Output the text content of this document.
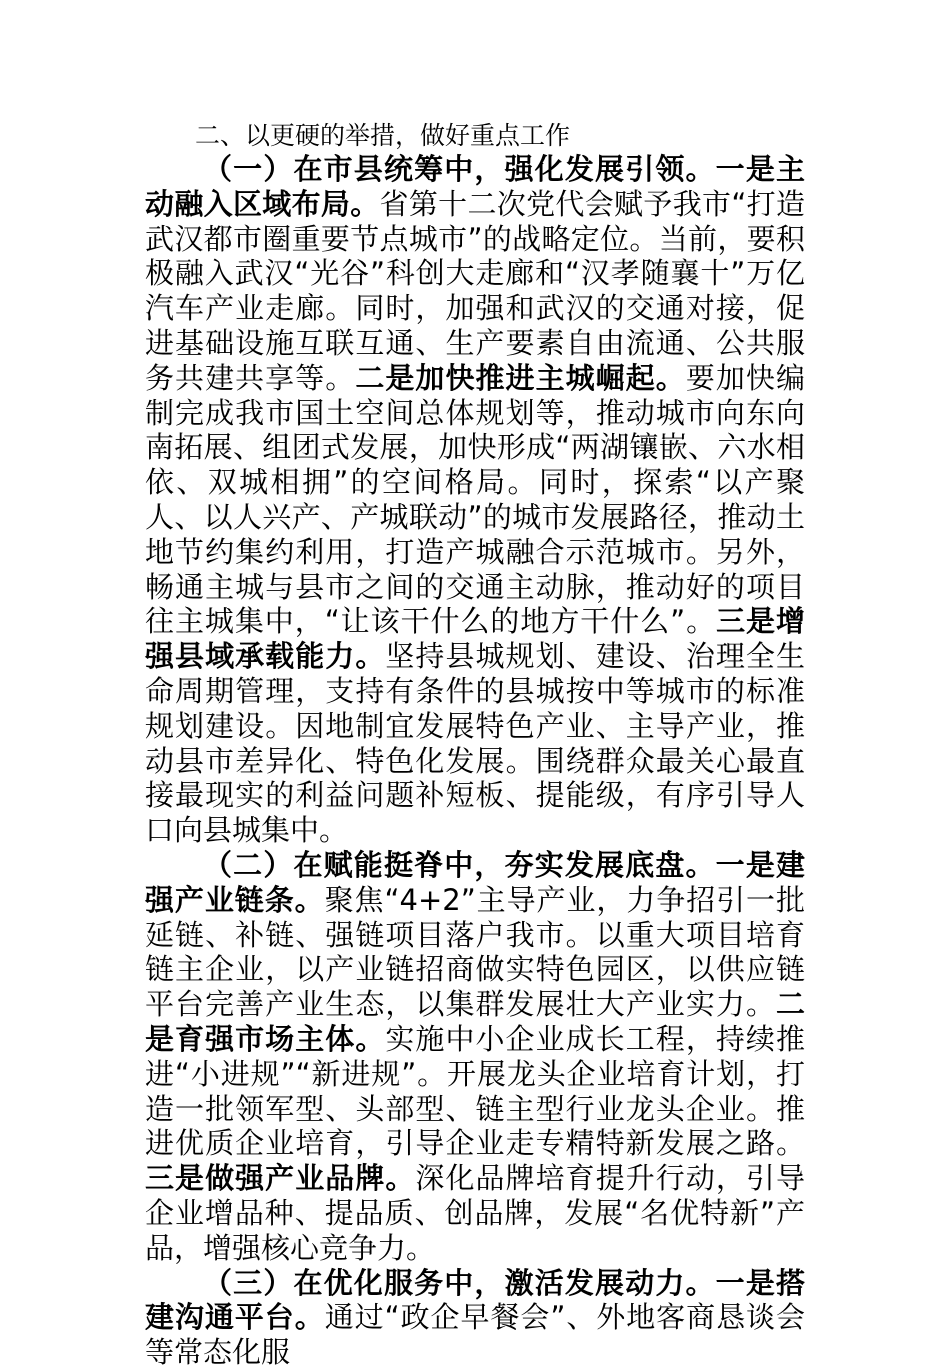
二、以更硬的举措，做好重点工作

（一）在市县统筹中，强化发展引领。一是主动融入区域布局。省第十二次党代会赋予我市“打造武汉都市圈重要节点城市”的战略定位。当前，要积极融入武汉“光谷”科创大走廊和“汉孝随襄十”万亿汽车产业走廊。同时，加强和武汉的交通对接，促进基础设施互联互通、生产要素自由流通、公共服务共建共享等。二是加快推进主城崛起。要加快编制完成我市国土空间总体规划等，推动城市向东向南拓展、组团式发展，加快形成“两湖镶嵌、六水相依、双城相拥”的空间格局。同时，探索“以产聚人、以人兴产、产城联动”的城市发展路径，推动土地节约集约利用，打造产城融合示范城市。另外，畅通主城与县市之间的交通主动脉，推动好的项目往主城集中，“让该干什么的地方干什么”。三是增强县域承载能力。坚持县城规划、建设、治理全生命周期管理，支持有条件的县城按中等城市的标准规划建设。因地制宜发展特色产业、主导产业，推动县市差异化、特色化发展。围绕群众最关心最直接最现实的利益问题补短板、提能级，有序引导人口向县城集中。

（二）在赋能挺脊中，夯实发展底盘。一是建强产业链条。聚焦“4+2”主导产业，力争招引一批延链、补链、强链项目落户我市。以重大项目培育链主企业，以产业链招商做实特色园区，以供应链平台完善产业生态，以集群发展壮大产业实力。二是育强市场主体。实施中小企业成长工程，持续推进“小进规”“新进规”。开展龙头企业培育计划，打造一批领军型、头部型、链主型行业龙头企业。推进优质企业培育，引导企业走专精特新发展之路。三是做强产业品牌。深化品牌培育提升行动，引导企业增品种、提品质、创品牌，发展“名优特新”产品，增强核心竞争力。

（三）在优化服务中，激活发展动力。一是搭建沟通平台。通过“政企早餐会”、外地客商恳谈会等常态化服
